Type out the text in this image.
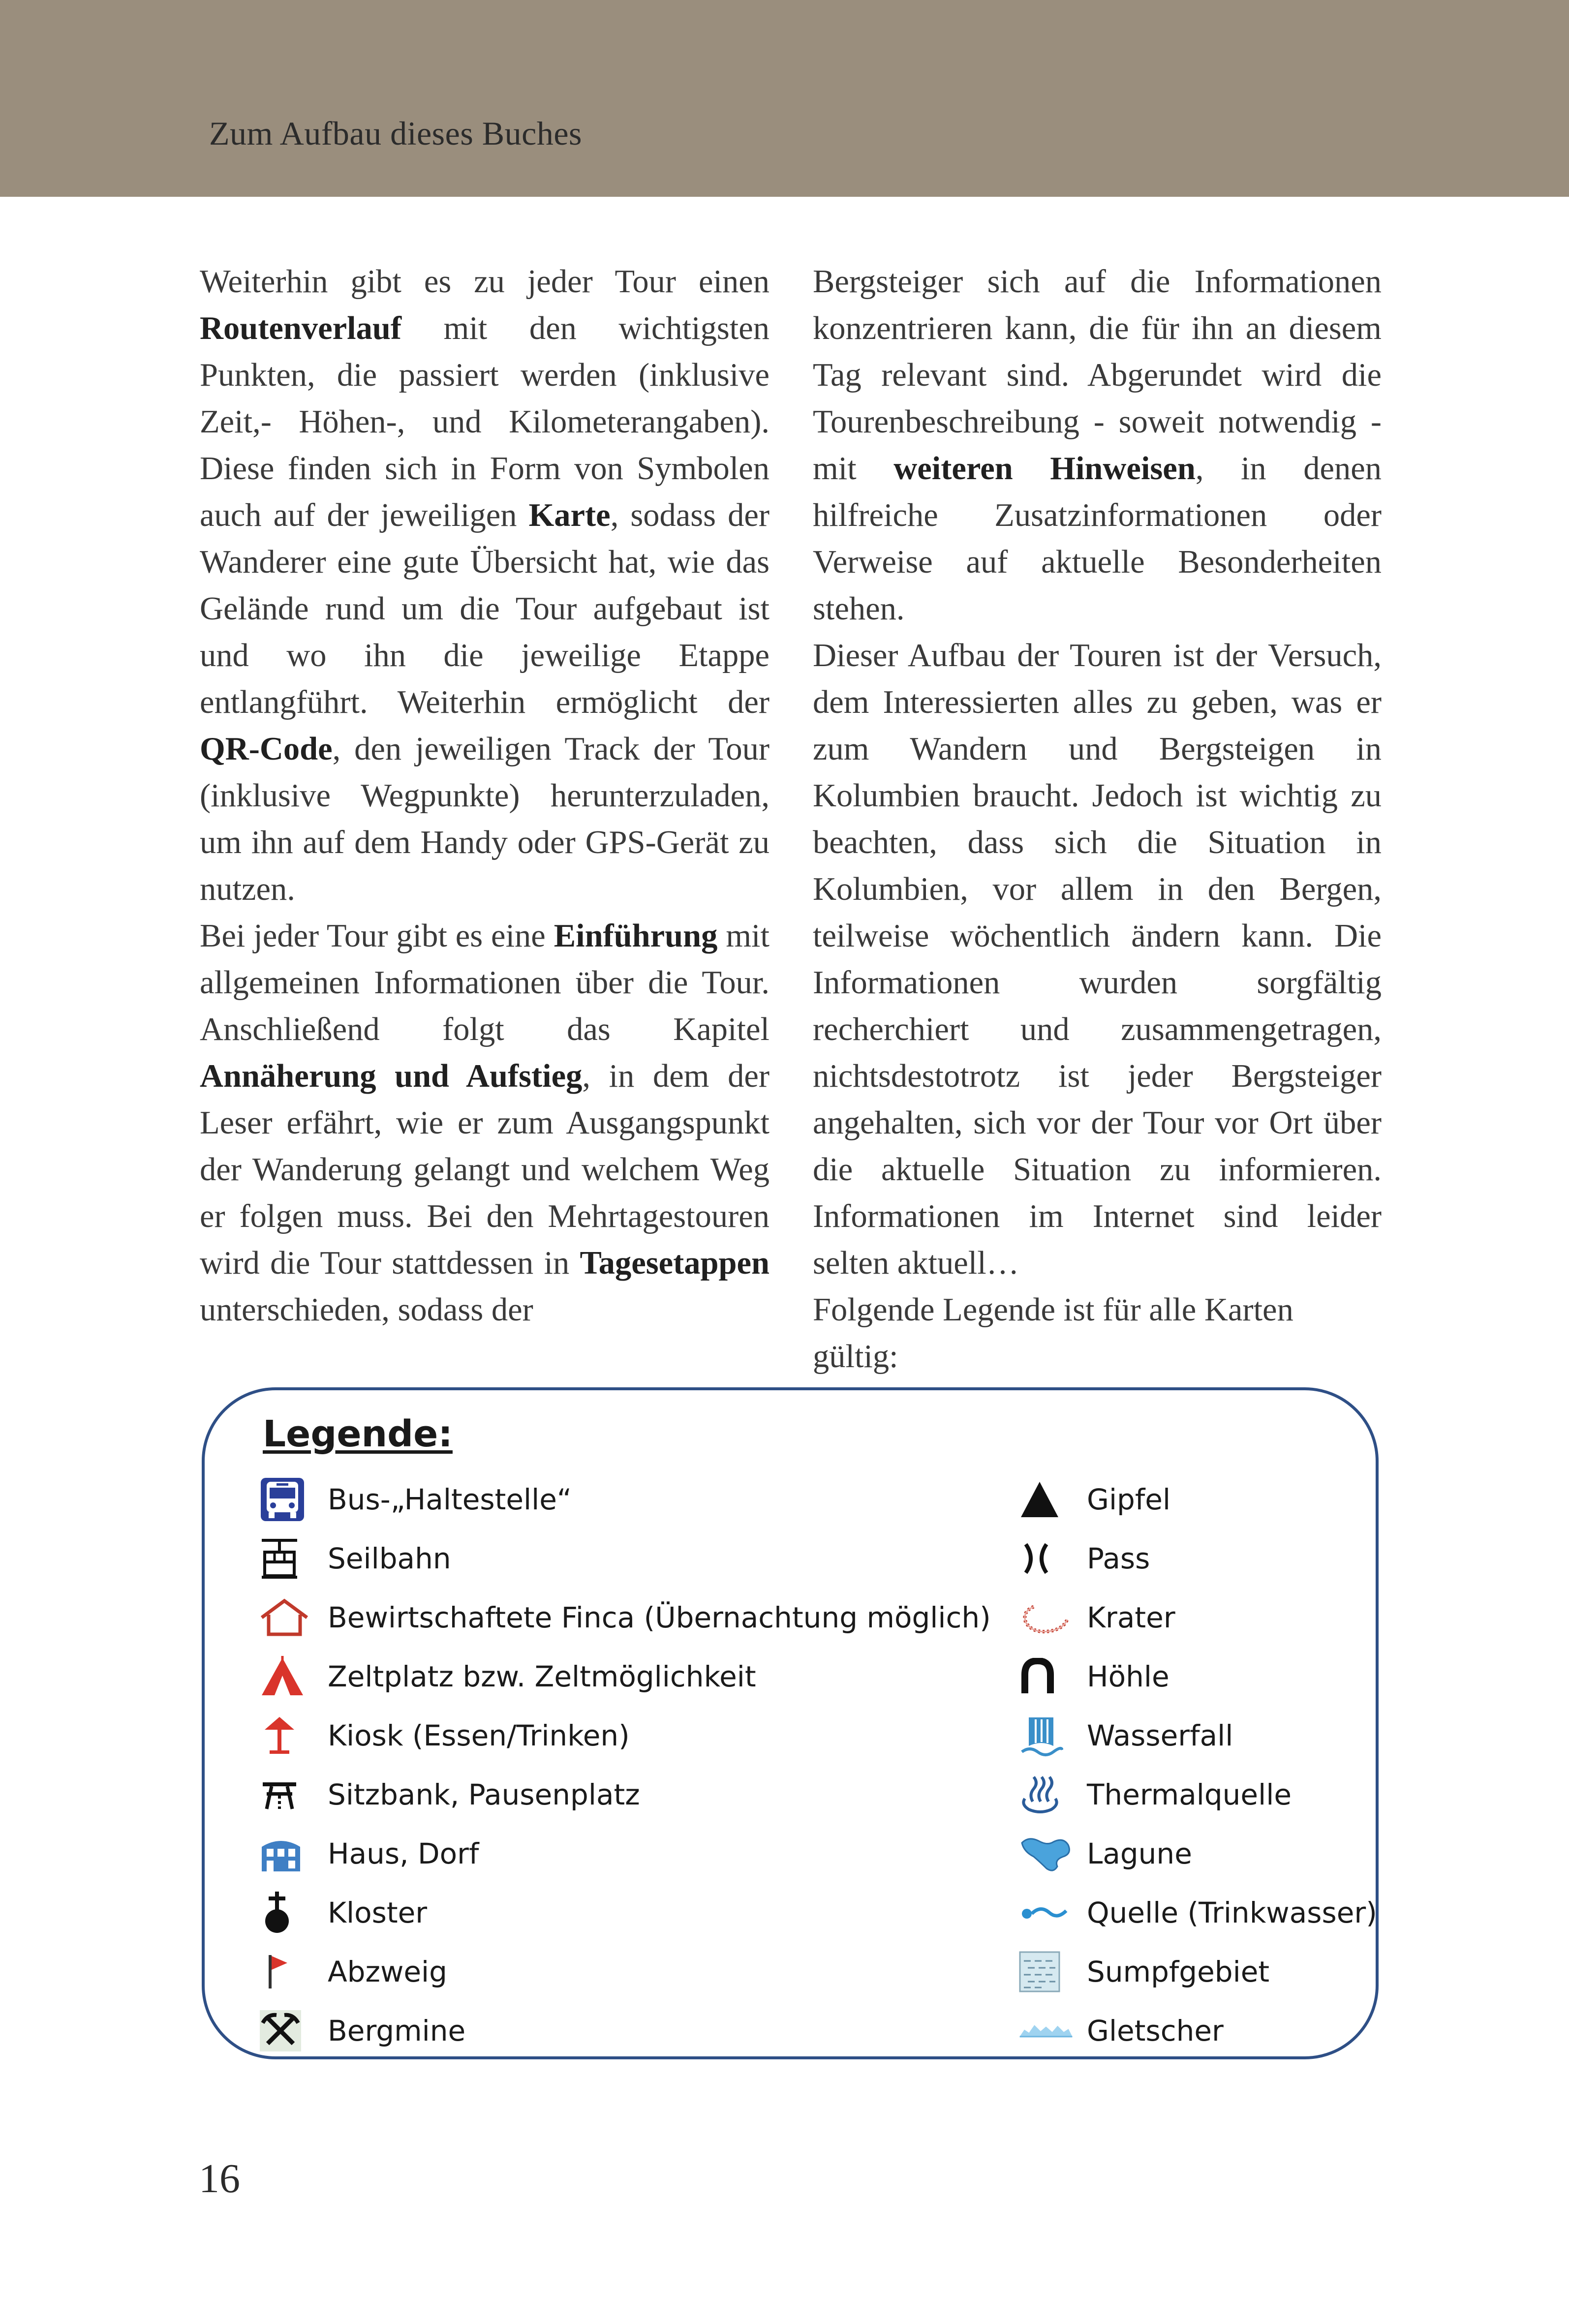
Zum Aufbau dieses Buches

Weiterhin gibt es zu jeder Tour einen Routenverlauf mit den wichtigsten Punkten, die passiert werden (inklusive Zeit,- Höhen-, und Kilometerangaben). Diese finden sich in Form von Symbolen auch auf der jeweiligen Karte, sodass der Wanderer eine gute Übersicht hat, wie das Gelände rund um die Tour aufgebaut ist und wo ihn die jeweilige Etappe entlangführt. Weiterhin ermöglicht der QR-Code, den jeweiligen Track der Tour (inklusive Wegpunkte) herunterzuladen, um ihn auf dem Handy oder GPS-Gerät zu nutzen.

Bei jeder Tour gibt es eine Einführung mit allgemeinen Informationen über die Tour. Anschließend folgt das Kapitel Annäherung und Aufstieg, in dem der Leser erfährt, wie er zum Ausgangspunkt der Wanderung gelangt und welchem Weg er folgen muss. Bei den Mehrtagestouren wird die Tour stattdessen in Tagesetappen unterschieden, sodass der

Bergsteiger sich auf die Informationen konzentrieren kann, die für ihn an diesem Tag relevant sind. Abgerundet wird die Tourenbeschreibung - soweit notwendig - mit weiteren Hinweisen, in denen hilfreiche Zusatzinformationen oder Verweise auf aktuelle Besonderheiten stehen.

Dieser Aufbau der Touren ist der Versuch, dem Interessierten alles zu geben, was er zum Wandern und Bergsteigen in Kolumbien braucht. Jedoch ist wichtig zu beachten, dass sich die Situation in Kolumbien, vor allem in den Bergen, teilweise wöchentlich ändern kann. Die Informationen wurden sorgfältig recherchiert und zusammengetragen, nichtsdestotrotz ist jeder Bergsteiger angehalten, sich vor der Tour vor Ort über die aktuelle Situation zu informieren. Informationen im Internet sind leider selten aktuell…

Folgende Legende ist für alle Karten gültig:

Legende:
Bus-„Haltestelle“
Seilbahn
Bewirtschaftete Finca (Übernachtung möglich)
Zeltplatz bzw. Zeltmöglichkeit
Kiosk (Essen/Trinken)
Sitzbank, Pausenplatz
Haus, Dorf
Kloster
Abzweig
Bergmine
Gipfel
Pass
Krater
Höhle
Wasserfall
Thermalquelle
Lagune
Quelle (Trinkwasser)
Sumpfgebiet
Gletscher
16
